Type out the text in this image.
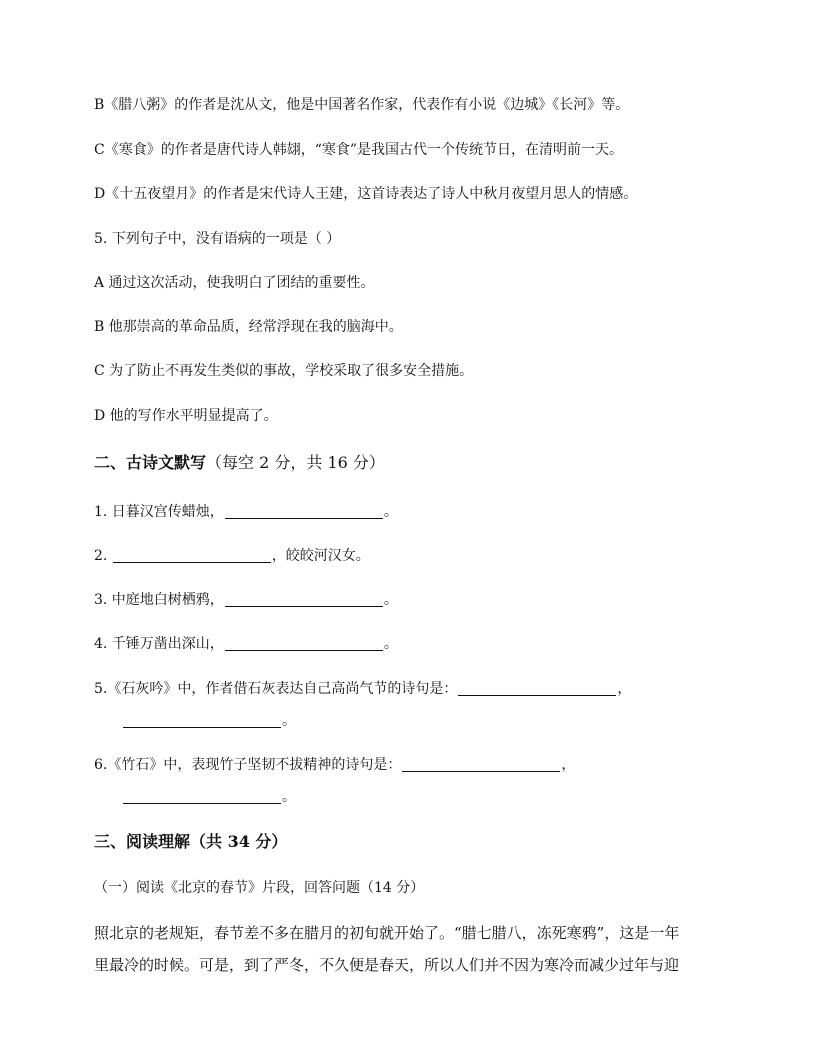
B《腊八粥》的作者是沈从文，他是中国著名作家，代表作有小说《边城》《长河》等。
C《寒食》的作者是唐代诗人韩翃，“寒食”是我国古代一个传统节日，在清明前一天。
D《十五夜望月》的作者是宋代诗人王建，这首诗表达了诗人中秋月夜望月思人的情感。
5. 下列句子中，没有语病的一项是（ ）
A 通过这次活动，使我明白了团结的重要性。
B 他那崇高的革命品质，经常浮现在我的脑海中。
C 为了防止不再发生类似的事故，学校采取了很多安全措施。
D 他的写作水平明显提高了。
二、古诗文默写（每空 2 分，共 16 分）
1. 日暮汉宫传蜡烛，	。
2.	，皎皎河汉女。
3. 中庭地白树栖鸦，	。
4. 千锤万凿出深山，	。
5.《石灰吟》中，作者借石灰表达自己高尚气节的诗句是：	，
。
6.《竹石》中，表现竹子坚韧不拔精神的诗句是：	，
。
三、阅读理解（共 34 分）
（一）阅读《北京的春节》片段，回答问题（14 分）
照北京的老规矩，春节差不多在腊月的初旬就开始了。“腊七腊八，冻死寒鸦”，这是一年
里最冷的时候。可是，到了严冬，不久便是春天，所以人们并不因为寒冷而减少过年与迎
